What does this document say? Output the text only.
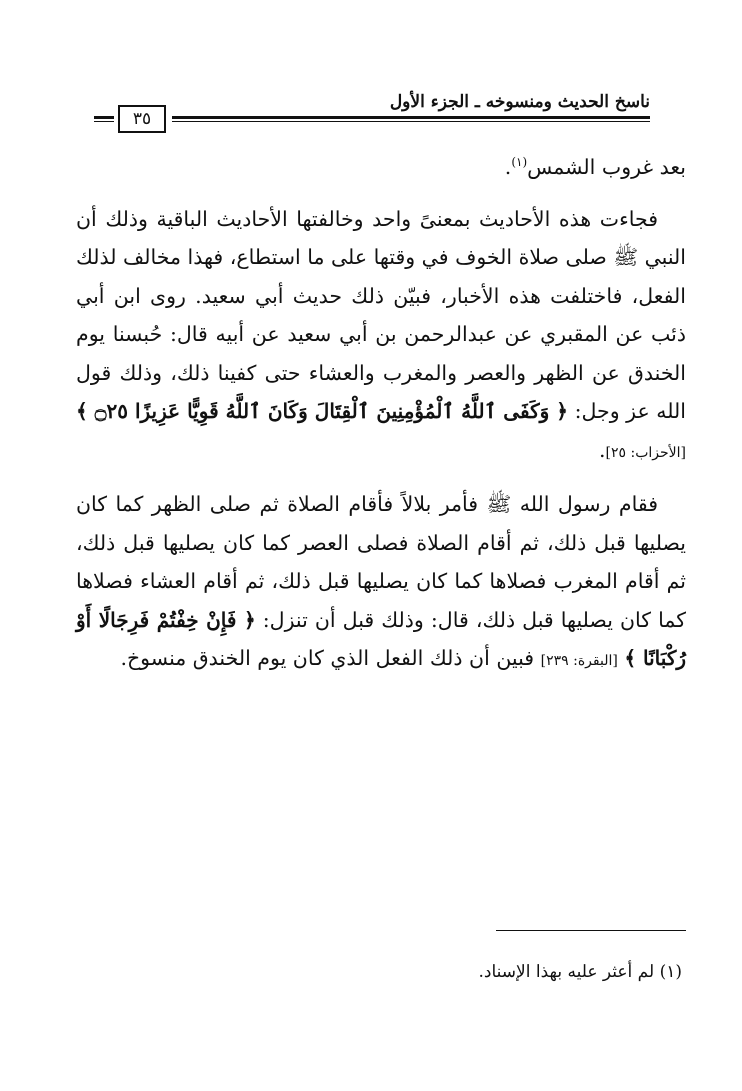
ناسخ الحديث ومنسوخه ـ الجزء الأول
٣٥

بعد غروب الشمس$^{(١)}$.

فجاءت هذه الأحاديث بمعنىً واحد وخالفتها الأحاديث الباقية وذلك أن النبي ﷺ صلى صلاة الخوف في وقتها على ما استطاع، فهذا مخالف لذلك الفعل، فاختلفت هذه الأخبار، فبيّن ذلك حديث أبي سعيد. روى ابن أبي ذئب عن المقبري عن عبدالرحمن بن أبي سعيد عن أبيه قال: حُبسنا يوم الخندق عن الظهر والعصر والمغرب والعشاء حتى كفينا ذلك، وذلك قول الله عز وجل: ﴿ وَكَفَى ٱللَّهُ ٱلْمُؤْمِنِينَ ٱلْقِتَالَ وَكَانَ ٱللَّهُ قَوِيًّا عَزِيزًا ۝٢٥ ﴾ [الأحزاب: ٢٥].

فقام رسول الله ﷺ فأمر بلالاً فأقام الصلاة ثم صلى الظهر كما كان يصليها قبل ذلك، ثم أقام الصلاة فصلى العصر كما كان يصليها قبل ذلك، ثم أقام المغرب فصلاها كما كان يصليها قبل ذلك، ثم أقام العشاء فصلاها كما كان يصليها قبل ذلك، قال: وذلك قبل أن تنزل: ﴿ فَإِنْ خِفْتُمْ فَرِجَالًا أَوْ رُكْبَانًا ﴾ [البقرة: ٢٣٩] فبين أن ذلك الفعل الذي كان يوم الخندق منسوخ.

(١) لم أعثر عليه بهذا الإسناد.
